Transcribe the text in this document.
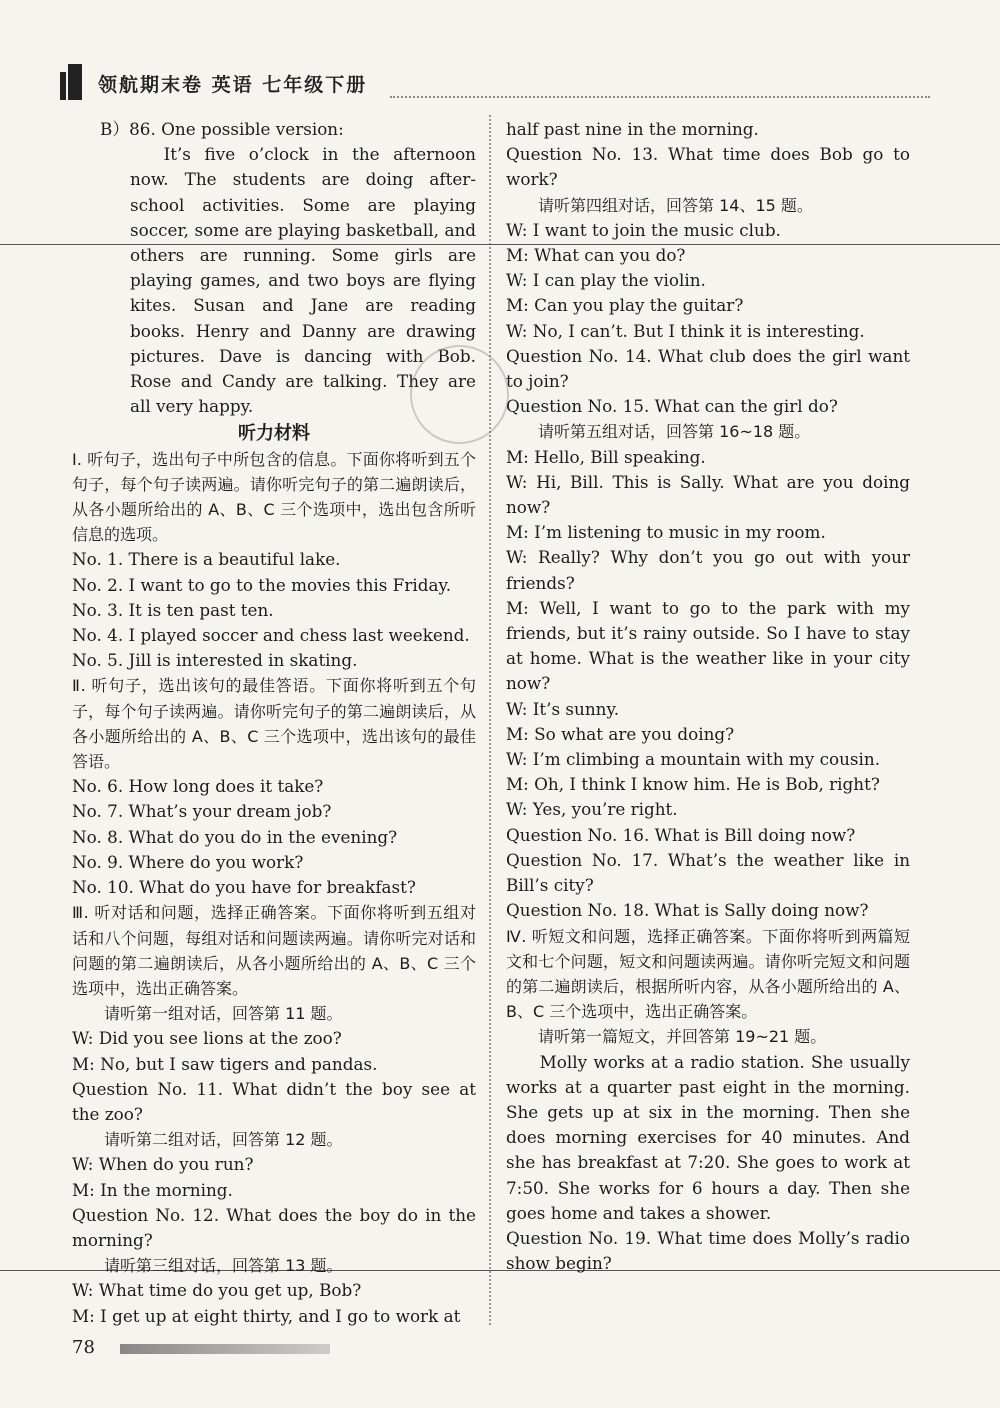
领航期末卷 英语 七年级下册

B）86. One possible version:

It’s five o’clock in the afternoon now. The students are doing after-school activities. Some are playing soccer, some are playing basketball, and others are running. Some girls are playing games, and two boys are flying kites. Susan and Jane are reading books. Henry and Danny are drawing pictures. Dave is dancing with Bob. Rose and Candy are talking. They are all very happy.

听力材料

Ⅰ. 听句子，选出句子中所包含的信息。下面你将听到五个句子，每个句子读两遍。请你听完句子的第二遍朗读后，从各小题所给出的 A、B、C 三个选项中，选出包含所听信息的选项。

No. 1. There is a beautiful lake.

No. 2. I want to go to the movies this Friday.

No. 3. It is ten past ten.

No. 4. I played soccer and chess last weekend.

No. 5. Jill is interested in skating.

Ⅱ. 听句子，选出该句的最佳答语。下面你将听到五个句子，每个句子读两遍。请你听完句子的第二遍朗读后，从各小题所给出的 A、B、C 三个选项中，选出该句的最佳答语。

No. 6. How long does it take?

No. 7. What’s your dream job?

No. 8. What do you do in the evening?

No. 9. Where do you work?

No. 10. What do you have for breakfast?

Ⅲ. 听对话和问题，选择正确答案。下面你将听到五组对话和八个问题，每组对话和问题读两遍。请你听完对话和问题的第二遍朗读后，从各小题所给出的 A、B、C 三个选项中，选出正确答案。

请听第一组对话，回答第 11 题。

W: Did you see lions at the zoo?

M: No, but I saw tigers and pandas.

Question No. 11. What didn’t the boy see at the zoo?

请听第二组对话，回答第 12 题。

W: When do you run?

M: In the morning.

Question No. 12. What does the boy do in the morning?

请听第三组对话，回答第 13 题。

W: What time do you get up, Bob?

M: I get up at eight thirty, and I go to work at

half past nine in the morning.

Question No. 13. What time does Bob go to work?

请听第四组对话，回答第 14、15 题。

W: I want to join the music club.

M: What can you do?

W: I can play the violin.

M: Can you play the guitar?

W: No, I can’t. But I think it is interesting.

Question No. 14. What club does the girl want to join?

Question No. 15. What can the girl do?

请听第五组对话，回答第 16~18 题。

M: Hello, Bill speaking.

W: Hi, Bill. This is Sally. What are you doing now?

M: I’m listening to music in my room.

W: Really? Why don’t you go out with your friends?

M: Well, I want to go to the park with my friends, but it’s rainy outside. So I have to stay at home. What is the weather like in your city now?

W: It’s sunny.

M: So what are you doing?

W: I’m climbing a mountain with my cousin.

M: Oh, I think I know him. He is Bob, right?

W: Yes, you’re right.

Question No. 16. What is Bill doing now?

Question No. 17. What’s the weather like in Bill’s city?

Question No. 18. What is Sally doing now?

Ⅳ. 听短文和问题，选择正确答案。下面你将听到两篇短文和七个问题，短文和问题读两遍。请你听完短文和问题的第二遍朗读后，根据所听内容，从各小题所给出的 A、B、C 三个选项中，选出正确答案。

请听第一篇短文，并回答第 19~21 题。

Molly works at a radio station. She usually works at a quarter past eight in the morning. She gets up at six in the morning. Then she does morning exercises for 40 minutes. And she has breakfast at 7:20. She goes to work at 7:50. She works for 6 hours a day. Then she goes home and takes a shower.

Question No. 19. What time does Molly’s radio show begin?

78
